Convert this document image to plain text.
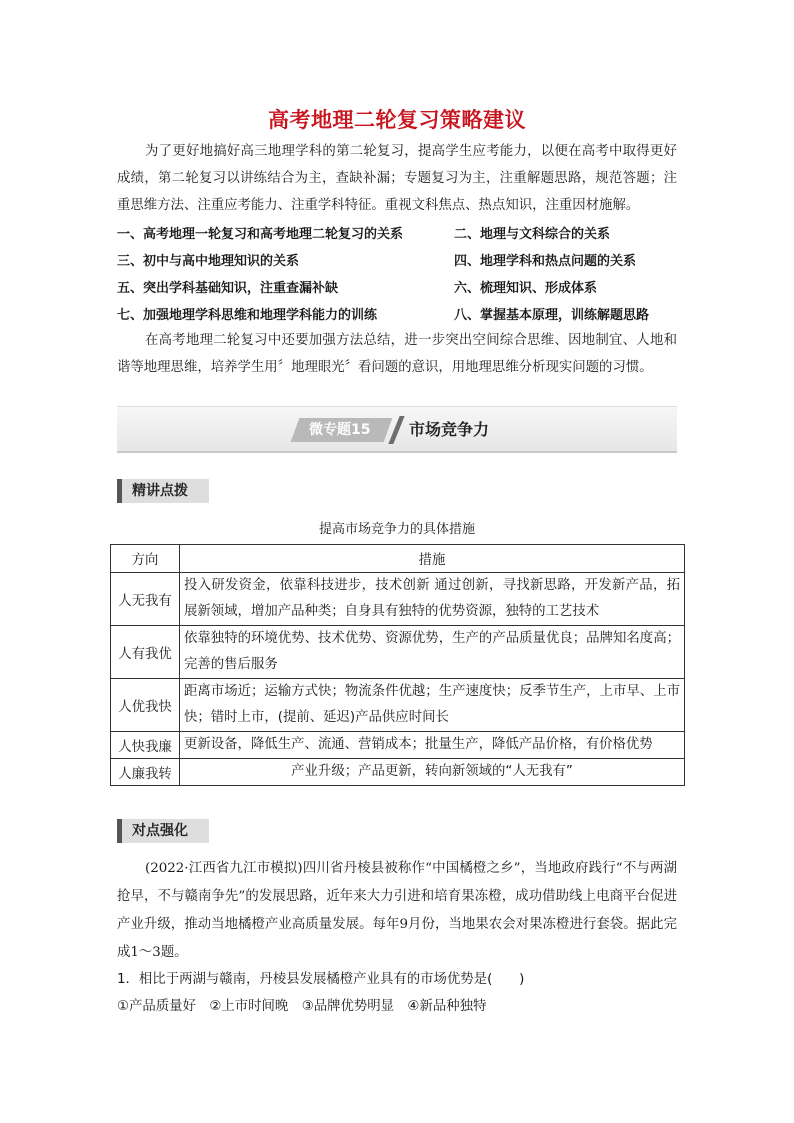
高考地理二轮复习策略建议
为了更好地搞好高三地理学科的第二轮复习，提高学生应考能力，以便在高考中取得更好成绩，第二轮复习以讲练结合为主，查缺补漏；专题复习为主，注重解题思路，规范答题；注重思维方法、注重应考能力、注重学科特征。重视文科焦点、热点知识，注重因材施解。
一、高考地理一轮复习和高考地理二轮复习的关系	二、地理与文科综合的关系
三、初中与高中地理知识的关系	四、地理学科和热点问题的关系
五、突出学科基础知识，注重查漏补缺	六、梳理知识、形成体系
七、加强地理学科思维和地理学科能力的训练	八、掌握基本原理，训练解题思路
在高考地理二轮复习中还要加强方法总结，进一步突出空间综合思维、因地制宜、人地和谐等地理思维，培养学生用〞地理眼光〞看问题的意识，用地理思维分析现实问题的习惯。
微专题15	市场竞争力
精讲点拨
提高市场竞争力的具体措施
方向	措施
人无我有	投入研发资金，依靠科技进步，技术创新 通过创新，寻找新思路，开发新产品，拓展新领域，增加产品种类；自身具有独特的优势资源，独特的工艺技术
人有我优	依靠独特的环境优势、技术优势、资源优势，生产的产品质量优良；品牌知名度高；完善的售后服务
人优我快	距离市场近；运输方式快；物流条件优越；生产速度快；反季节生产，上市早、上市快；错时上市，(提前、延迟)产品供应时间长
人快我廉	更新设备，降低生产、流通、营销成本；批量生产，降低产品价格，有价格优势
人廉我转	产业升级；产品更新，转向新领域的“人无我有”
对点强化
(2022·江西省九江市模拟)四川省丹棱县被称作“中国橘橙之乡”，当地政府践行“不与两湖抢早，不与赣南争先”的发展思路，近年来大力引进和培育果冻橙，成功借助线上电商平台促进产业升级，推动当地橘橙产业高质量发展。每年9月份，当地果农会对果冻橙进行套袋。据此完成1～3题。
1．相比于两湖与赣南，丹棱县发展橘橙产业具有的市场优势是(　　)
①产品质量好　②上市时间晚　③品牌优势明显　④新品种独特
